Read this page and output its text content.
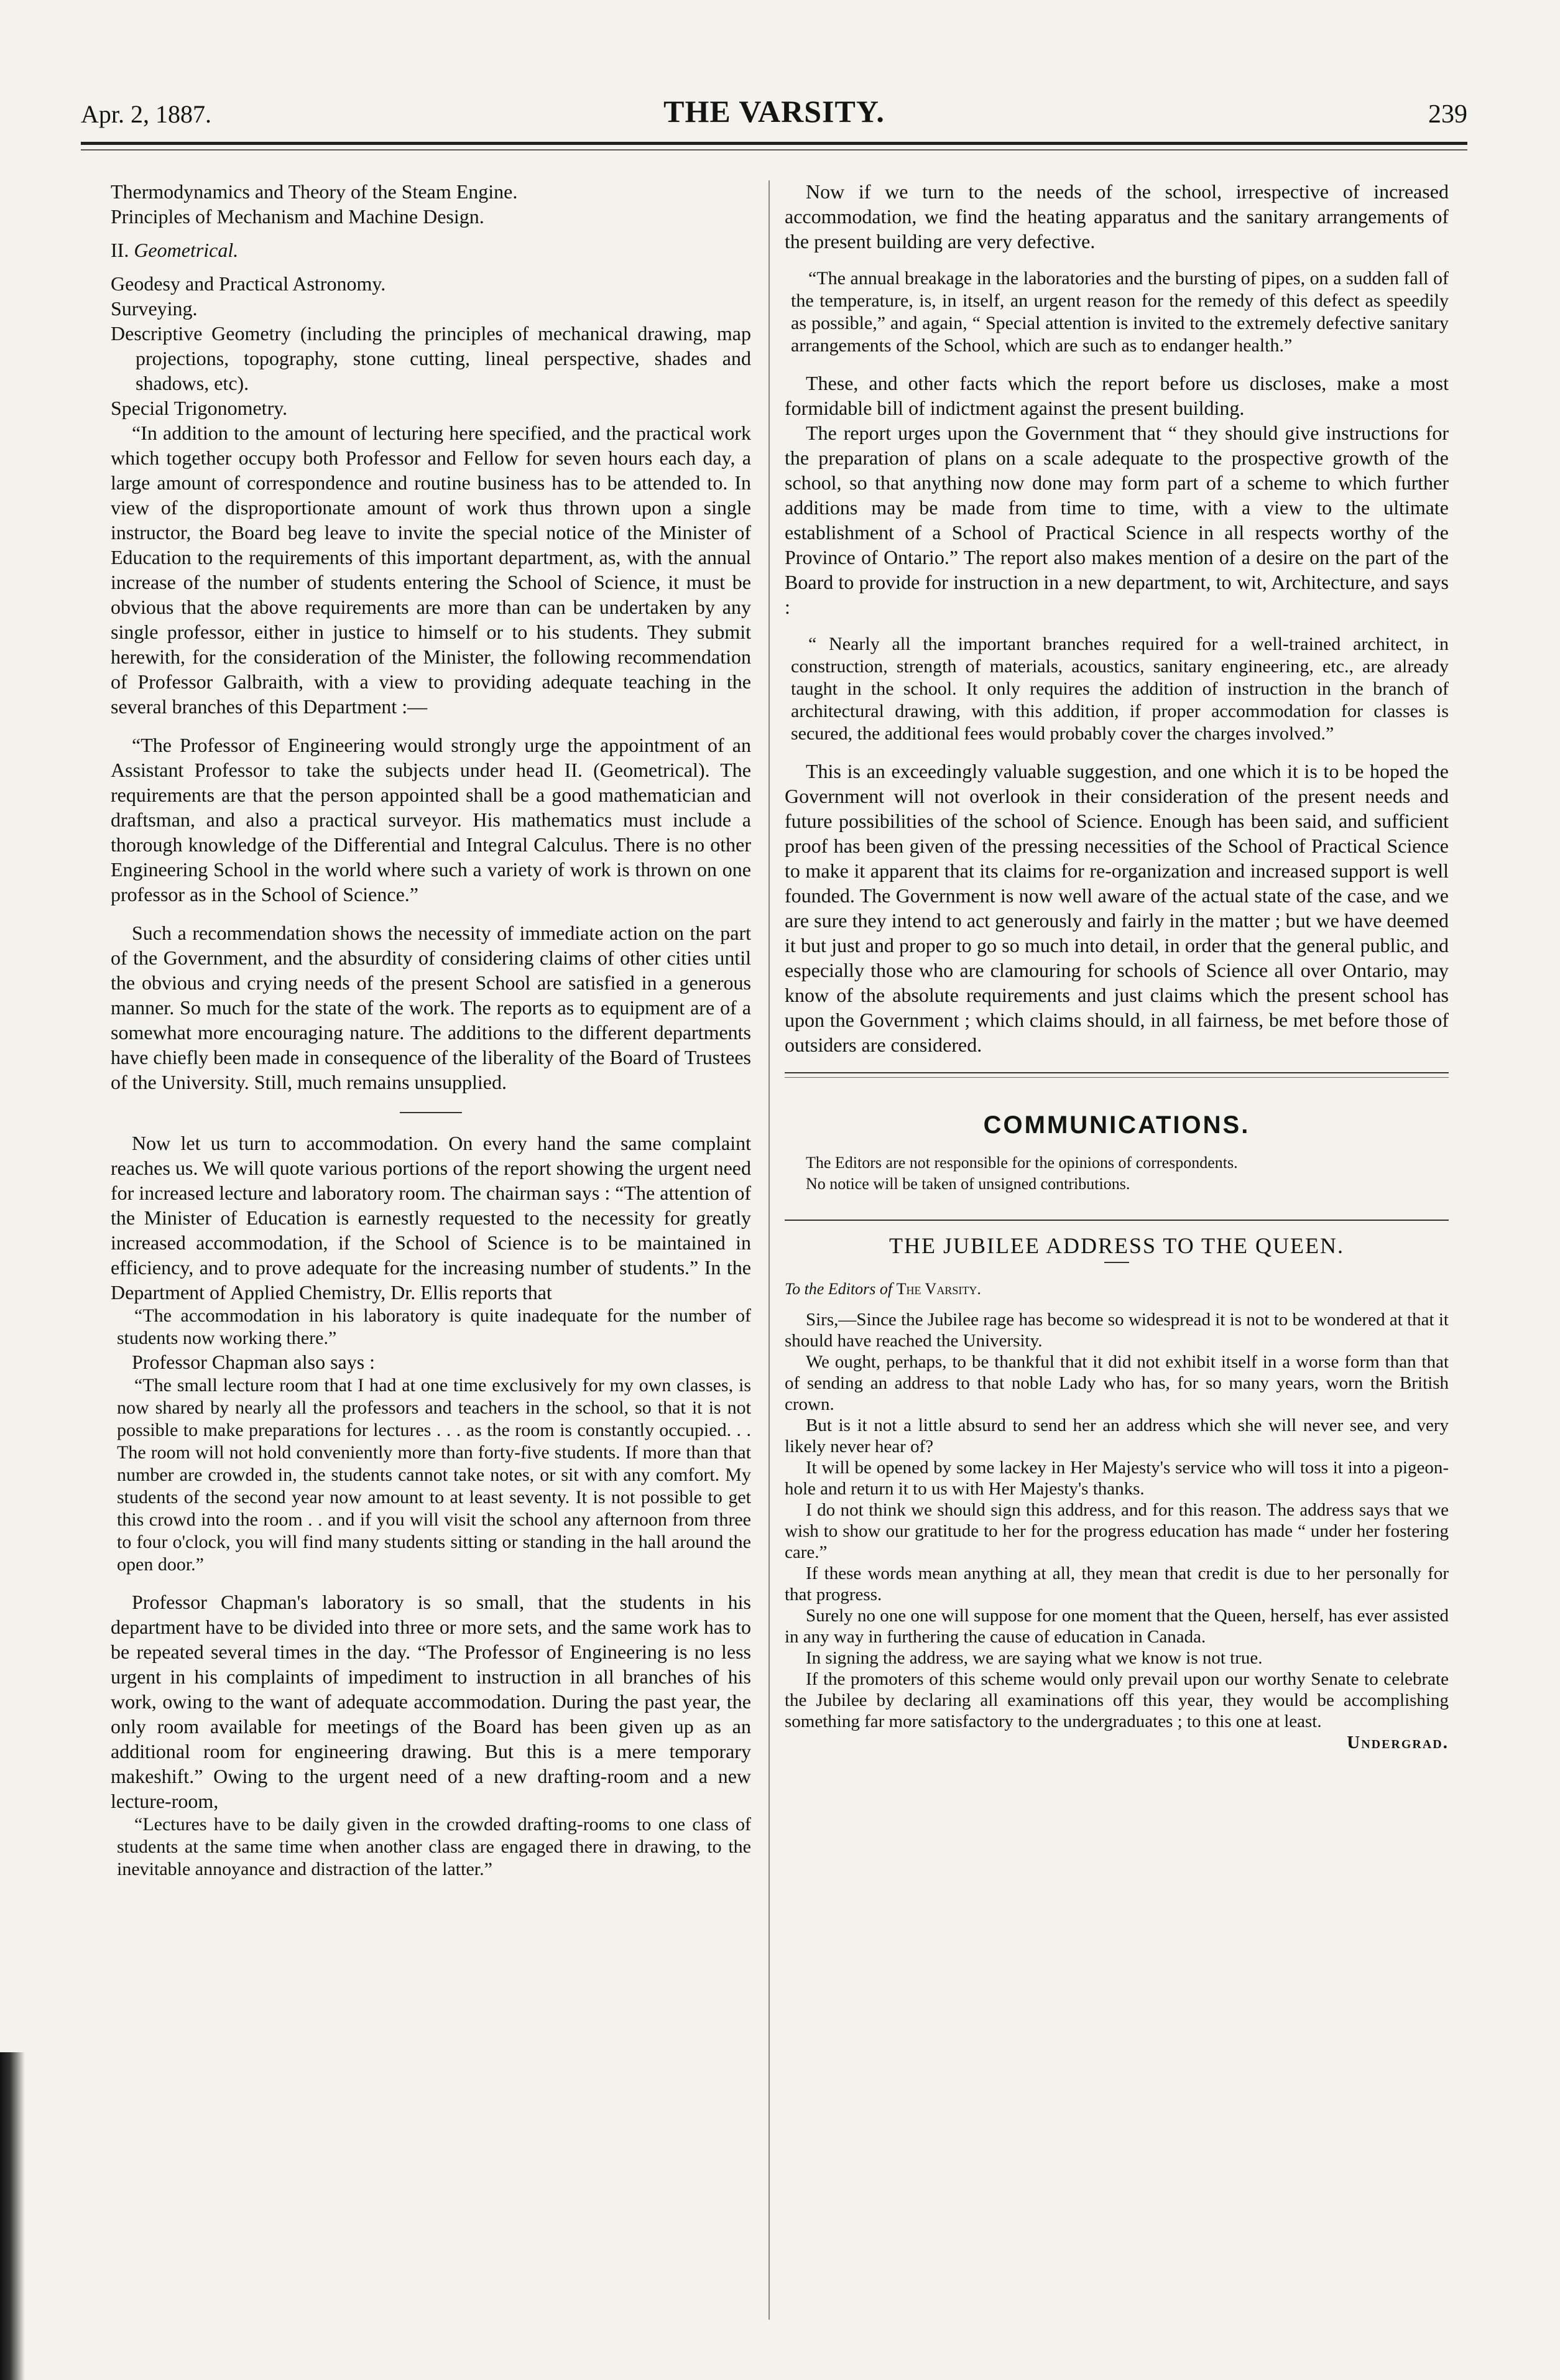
Apr. 2, 1887.	THE VARSITY.	239

Thermodynamics and Theory of the Steam Engine.

Principles of Mechanism and Machine Design.

II. Geometrical.

Geodesy and Practical Astronomy.

Surveying.

Descriptive Geometry (including the principles of mechanical drawing, map projections, topography, stone cutting, lineal perspective, shades and shadows, etc).

Special Trigonometry.

“In addition to the amount of lecturing here specified, and the practical work which together occupy both Professor and Fellow for seven hours each day, a large amount of correspondence and routine business has to be attended to. In view of the disproportionate amount of work thus thrown upon a single instructor, the Board beg leave to invite the special notice of the Minister of Education to the requirements of this important department, as, with the annual increase of the number of students entering the School of Science, it must be obvious that the above requirements are more than can be undertaken by any single professor, either in justice to himself or to his students. They submit herewith, for the consideration of the Minister, the following recommendation of Professor Galbraith, with a view to providing adequate teaching in the several branches of this Department :—

“The Professor of Engineering would strongly urge the appointment of an Assistant Professor to take the subjects under head II. (Geometrical). The requirements are that the person appointed shall be a good mathematician and draftsman, and also a practical surveyor. His mathematics must include a thorough knowledge of the Differential and Integral Calculus. There is no other Engineering School in the world where such a variety of work is thrown on one professor as in the School of Science.”

Such a recommendation shows the necessity of immediate action on the part of the Government, and the absurdity of considering claims of other cities until the obvious and crying needs of the present School are satisfied in a generous manner. So much for the state of the work. The reports as to equipment are of a somewhat more encouraging nature. The additions to the different departments have chiefly been made in consequence of the liberality of the Board of Trustees of the University. Still, much remains unsupplied.

Now let us turn to accommodation. On every hand the same complaint reaches us. We will quote various portions of the report showing the urgent need for increased lecture and laboratory room. The chairman says : “The attention of the Minister of Education is earnestly requested to the necessity for greatly increased accommodation, if the School of Science is to be maintained in efficiency, and to prove adequate for the increasing number of students.” In the Department of Applied Chemistry, Dr. Ellis reports that

“The accommodation in his laboratory is quite inadequate for the number of students now working there.”

Professor Chapman also says :

“The small lecture room that I had at one time exclusively for my own classes, is now shared by nearly all the professors and teachers in the school, so that it is not possible to make preparations for lectures . . . as the room is constantly occupied. . . The room will not hold conveniently more than forty-five students. If more than that number are crowded in, the students cannot take notes, or sit with any comfort. My students of the second year now amount to at least seventy. It is not possible to get this crowd into the room . . and if you will visit the school any afternoon from three to four o'clock, you will find many students sitting or standing in the hall around the open door.”

Professor Chapman's laboratory is so small, that the students in his department have to be divided into three or more sets, and the same work has to be repeated several times in the day. “The Professor of Engineering is no less urgent in his complaints of impediment to instruction in all branches of his work, owing to the want of adequate accommodation. During the past year, the only room available for meetings of the Board has been given up as an additional room for engineering drawing. But this is a mere temporary makeshift.” Owing to the urgent need of a new drafting-room and a new lecture-room,

“Lectures have to be daily given in the crowded drafting-rooms to one class of students at the same time when another class are engaged there in drawing, to the inevitable annoyance and distraction of the latter.”

Now if we turn to the needs of the school, irrespective of increased accommodation, we find the heating apparatus and the sanitary arrangements of the present building are very defective.

“The annual breakage in the laboratories and the bursting of pipes, on a sudden fall of the temperature, is, in itself, an urgent reason for the remedy of this defect as speedily as possible,” and again, “ Special attention is invited to the extremely defective sanitary arrangements of the School, which are such as to endanger health.”

These, and other facts which the report before us discloses, make a most formidable bill of indictment against the present building.

The report urges upon the Government that “ they should give instructions for the preparation of plans on a scale adequate to the prospective growth of the school, so that anything now done may form part of a scheme to which further additions may be made from time to time, with a view to the ultimate establishment of a School of Practical Science in all respects worthy of the Province of Ontario.” The report also makes mention of a desire on the part of the Board to provide for instruction in a new department, to wit, Architecture, and says :

“ Nearly all the important branches required for a well-trained architect, in construction, strength of materials, acoustics, sanitary engineering, etc., are already taught in the school. It only requires the addition of instruction in the branch of architectural drawing, with this addition, if proper accommodation for classes is secured, the additional fees would probably cover the charges involved.”

This is an exceedingly valuable suggestion, and one which it is to be hoped the Government will not overlook in their consideration of the present needs and future possibilities of the school of Science. Enough has been said, and sufficient proof has been given of the pressing necessities of the School of Practical Science to make it apparent that its claims for re-organization and increased support is well founded. The Government is now well aware of the actual state of the case, and we are sure they intend to act generously and fairly in the matter ; but we have deemed it but just and proper to go so much into detail, in order that the general public, and especially those who are clamouring for schools of Science all over Ontario, may know of the absolute requirements and just claims which the present school has upon the Government ; which claims should, in all fairness, be met before those of outsiders are considered.

COMMUNICATIONS.
The Editors are not responsible for the opinions of correspondents.
No notice will be taken of unsigned contributions.
THE JUBILEE ADDRESS TO THE QUEEN.
To the Editors of The Varsity.

Sirs,—Since the Jubilee rage has become so widespread it is not to be wondered at that it should have reached the University.

We ought, perhaps, to be thankful that it did not exhibit itself in a worse form than that of sending an address to that noble Lady who has, for so many years, worn the British crown.

But is it not a little absurd to send her an address which she will never see, and very likely never hear of?

It will be opened by some lackey in Her Majesty's service who will toss it into a pigeon-hole and return it to us with Her Majesty's thanks.

I do not think we should sign this address, and for this reason. The address says that we wish to show our gratitude to her for the progress education has made “ under her fostering care.”

If these words mean anything at all, they mean that credit is due to her personally for that progress.

Surely no one one will suppose for one moment that the Queen, herself, has ever assisted in any way in furthering the cause of education in Canada.

In signing the address, we are saying what we know is not true.

If the promoters of this scheme would only prevail upon our worthy Senate to celebrate the Jubilee by declaring all examinations off this year, they would be accomplishing something far more satisfactory to the undergraduates ; to this one at least.

Undergrad.
